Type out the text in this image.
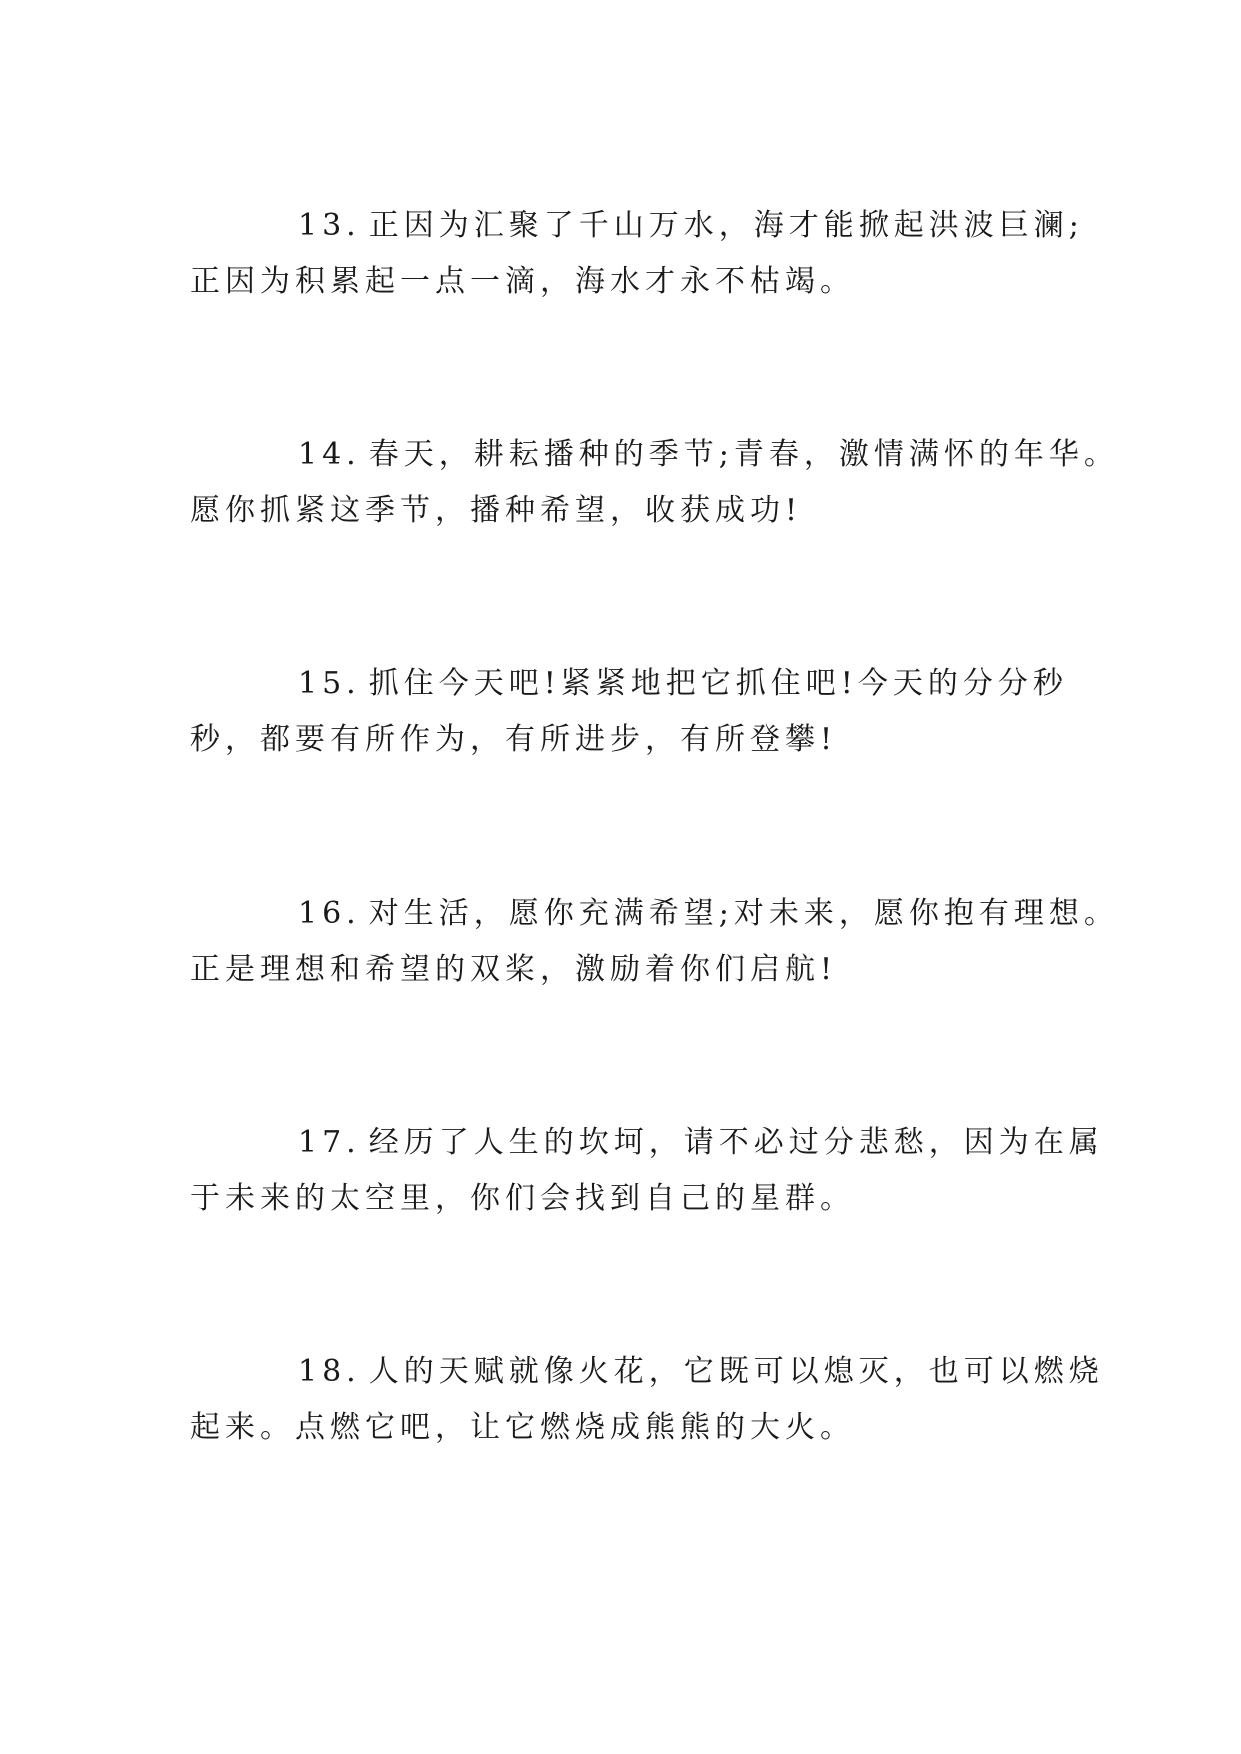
13. 正因为汇聚了千山万水，海才能掀起洪波巨澜;
正因为积累起一点一滴，海水才永不枯竭。
14. 春天，耕耘播种的季节;青春，激情满怀的年华。
愿你抓紧这季节，播种希望，收获成功!
15. 抓住今天吧!紧紧地把它抓住吧!今天的分分秒
秒，都要有所作为，有所进步，有所登攀!
16. 对生活，愿你充满希望;对未来，愿你抱有理想。
正是理想和希望的双桨，激励着你们启航!
17. 经历了人生的坎坷，请不必过分悲愁，因为在属
于未来的太空里，你们会找到自己的星群。
18. 人的天赋就像火花，它既可以熄灭，也可以燃烧
起来。点燃它吧，让它燃烧成熊熊的大火。
